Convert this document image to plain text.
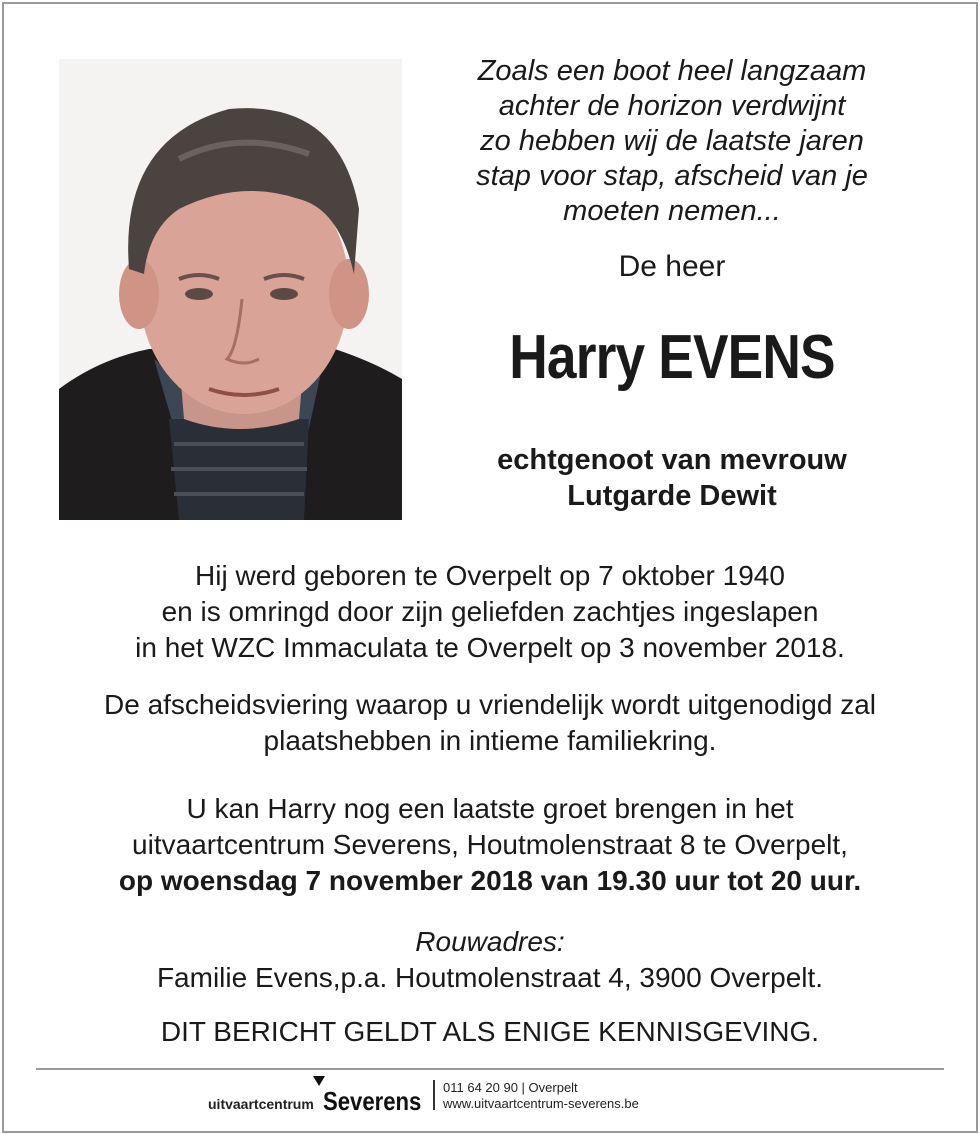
Zoals een boot heel langzaam
achter de horizon verdwijnt
zo hebben wij de laatste jaren
stap voor stap, afscheid van je
moeten nemen...
De heer
Harry EVENS
echtgenoot van mevrouw
Lutgarde Dewit
Hij werd geboren te Overpelt op 7 oktober 1940
en is omringd door zijn geliefden zachtjes ingeslapen
in het WZC Immaculata te Overpelt op 3 november 2018.
De afscheidsviering waarop u vriendelijk wordt uitgenodigd zal
plaatshebben in intieme familiekring.
U kan Harry nog een laatste groet brengen in het
uitvaartcentrum Severens, Houtmolenstraat 8 te Overpelt,
op woensdag 7 november 2018 van 19.30 uur tot 20 uur.
Rouwadres:
Familie Evens,p.a. Houtmolenstraat 4, 3900 Overpelt.
DIT BERICHT GELDT ALS ENIGE KENNISGEVING.
uitvaartcentrum Severens 011 64 20 90 | Overpelt
www.uitvaartcentrum-severens.be
